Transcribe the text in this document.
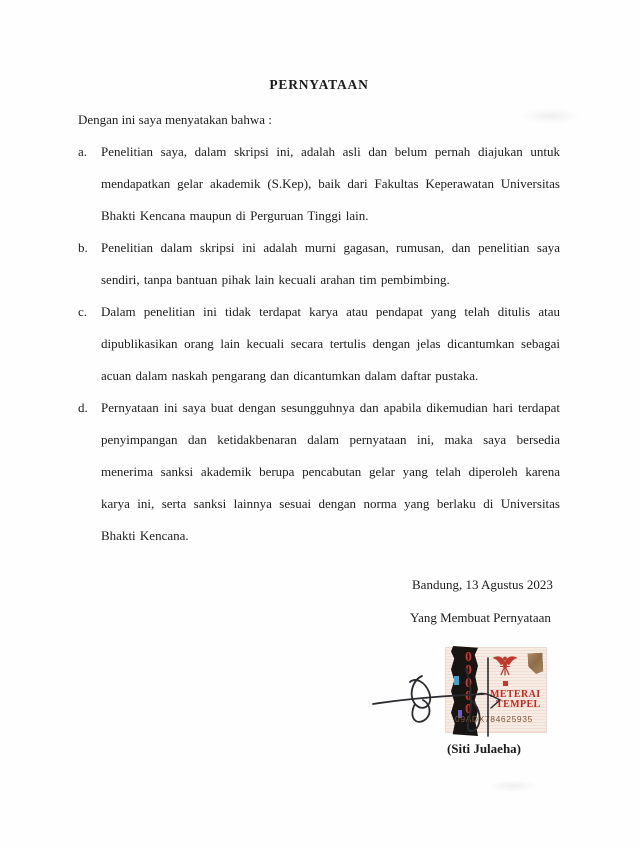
PERNYATAAN

Dengan ini saya menyatakan bahwa :

a. Penelitian saya, dalam skripsi ini, adalah asli dan belum pernah diajukan untuk mendapatkan gelar akademik (S.Kep), baik dari Fakultas Keperawatan Universitas Bhakti Kencana maupun di Perguruan Tinggi lain.

b. Penelitian dalam skripsi ini adalah murni gagasan, rumusan, dan penelitian saya sendiri, tanpa bantuan pihak lain kecuali arahan tim pembimbing.

c. Dalam penelitian ini tidak terdapat karya atau pendapat yang telah ditulis atau dipublikasikan orang lain kecuali secara tertulis dengan jelas dicantumkan sebagai acuan dalam naskah pengarang dan dicantumkan dalam daftar pustaka.

d. Pernyataan ini saya buat dengan sesungguhnya dan apabila dikemudian hari terdapat penyimpangan dan ketidakbenaran dalam pernyataan ini, maka saya bersedia menerima sanksi akademik berupa pencabutan gelar yang telah diperoleh karena karya ini, serta sanksi lainnya sesuai dengan norma yang berlaku di Universitas Bhakti Kencana.

Bandung, 13 Agustus 2023
Yang Membuat Pernyataan
00000 METERAI
TEMPEL
09ADX784625935
(Siti Julaeha)
